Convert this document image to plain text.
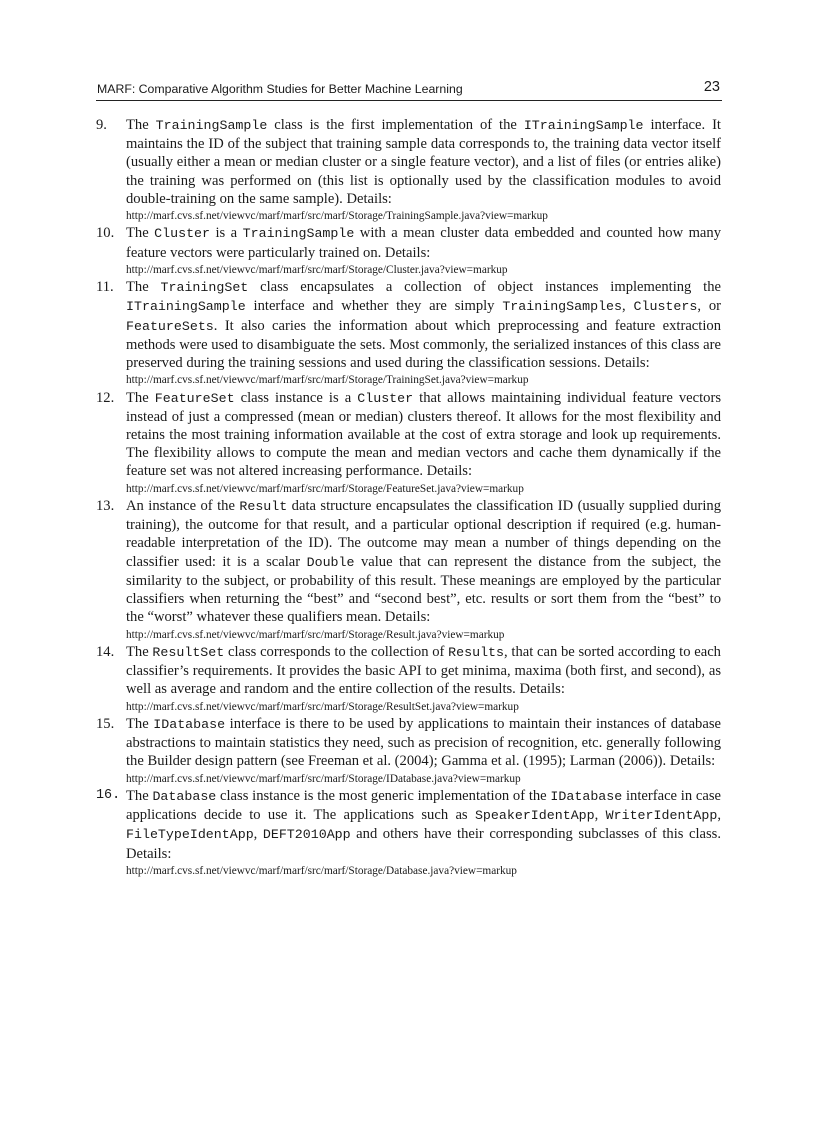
MARF: Comparative Algorithm Studies for Better Machine Learning	23
9. The TrainingSample class is the first implementation of the ITrainingSample interface. It maintains the ID of the subject that training sample data corresponds to, the training data vector itself (usually either a mean or median cluster or a single feature vector), and a list of files (or entries alike) the training was performed on (this list is optionally used by the classification modules to avoid double-training on the same sample). Details:

http://marf.cvs.sf.net/viewvc/marf/marf/src/marf/Storage/TrainingSample.java?view=markup
10. The Cluster is a TrainingSample with a mean cluster data embedded and counted how many feature vectors were particularly trained on. Details:

http://marf.cvs.sf.net/viewvc/marf/marf/src/marf/Storage/Cluster.java?view=markup
11. The TrainingSet class encapsulates a collection of object instances implementing the ITrainingSample interface and whether they are simply TrainingSamples, Clusters, or FeatureSets. It also caries the information about which preprocessing and feature extraction methods were used to disambiguate the sets. Most commonly, the serialized instances of this class are preserved during the training sessions and used during the classification sessions. Details:

http://marf.cvs.sf.net/viewvc/marf/marf/src/marf/Storage/TrainingSet.java?view=markup
12. The FeatureSet class instance is a Cluster that allows maintaining individual feature vectors instead of just a compressed (mean or median) clusters thereof. It allows for the most flexibility and retains the most training information available at the cost of extra storage and look up requirements. The flexibility allows to compute the mean and median vectors and cache them dynamically if the feature set was not altered increasing performance. Details:

http://marf.cvs.sf.net/viewvc/marf/marf/src/marf/Storage/FeatureSet.java?view=markup
13. An instance of the Result data structure encapsulates the classification ID (usually supplied during training), the outcome for that result, and a particular optional description if required (e.g. human-readable interpretation of the ID). The outcome may mean a number of things depending on the classifier used: it is a scalar Double value that can represent the distance from the subject, the similarity to the subject, or probability of this result. These meanings are employed by the particular classifiers when returning the “best” and “second best”, etc. results or sort them from the “best” to the “worst” whatever these qualifiers mean. Details:

http://marf.cvs.sf.net/viewvc/marf/marf/src/marf/Storage/Result.java?view=markup
14. The ResultSet class corresponds to the collection of Results, that can be sorted according to each classifier’s requirements. It provides the basic API to get minima, maxima (both first, and second), as well as average and random and the entire collection of the results. Details:

http://marf.cvs.sf.net/viewvc/marf/marf/src/marf/Storage/ResultSet.java?view=markup
15. The IDatabase interface is there to be used by applications to maintain their instances of database abstractions to maintain statistics they need, such as precision of recognition, etc. generally following the Builder design pattern (see Freeman et al. (2004); Gamma et al. (1995); Larman (2006)). Details:

http://marf.cvs.sf.net/viewvc/marf/marf/src/marf/Storage/IDatabase.java?view=markup
16. The Database class instance is the most generic implementation of the IDatabase interface in case applications decide to use it. The applications such as SpeakerIdentApp, WriterIdentApp, FileTypeIdentApp, DEFT2010App and others have their corresponding subclasses of this class. Details:

http://marf.cvs.sf.net/viewvc/marf/marf/src/marf/Storage/Database.java?view=markup
